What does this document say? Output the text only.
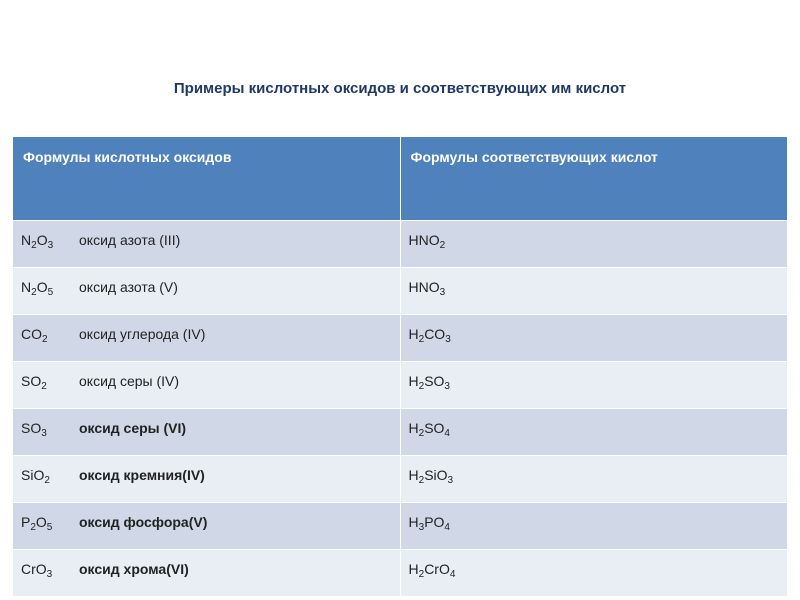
Примеры кислотных оксидов и соответствующих им кислот
Формулы кислотных оксидов	Формулы соответствующих кислот
$N_2O_3$ оксид азота (III)	$HNO_2$
$N_2O_5$ оксид азота (V)	$HNO_3$
$CO_2$ оксид углерода (IV)	$H_2CO_3$
$SO_2$ оксид серы (IV)	$H_2SO_3$
$SO_3$ оксид серы (VI)	$H_2SO_4$
SiO$_2$ оксид кремния(IV)	$H_2SiO_3$
$P_2O_5$ оксид фосфора(V)	$H_3PO_4$
CrO$_3$ оксид хрома(VI)	$H_2CrO_4$
